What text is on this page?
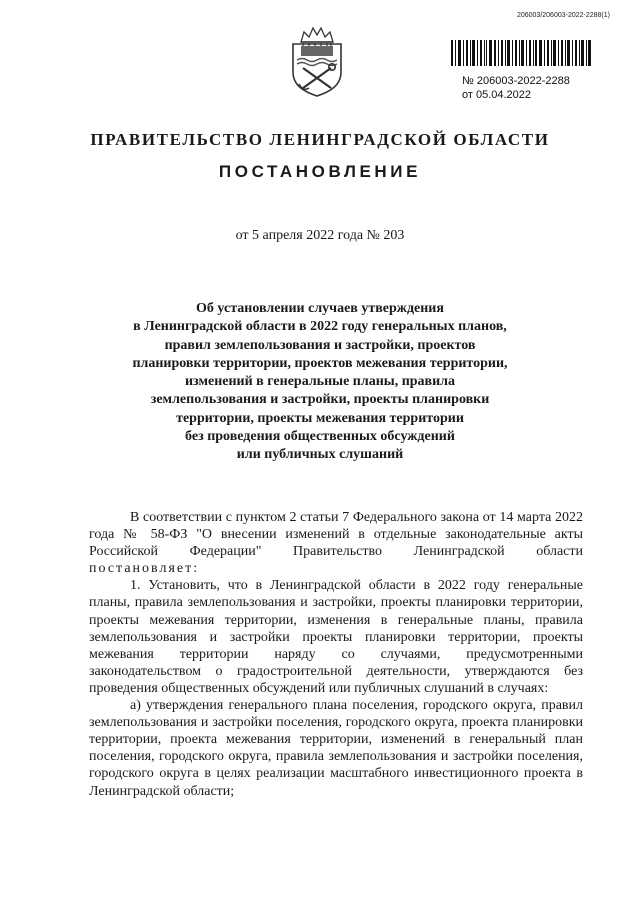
206003/206003-2022-2288(1)
№ 206003-2022-2288
от 05.04.2022
ПРАВИТЕЛЬСТВО ЛЕНИНГРАДСКОЙ ОБЛАСТИ
ПОСТАНОВЛЕНИЕ
от 5 апреля 2022 года № 203
Об установлении случаев утверждения
в Ленинградской области в 2022 году генеральных планов,
правил землепользования и застройки, проектов
планировки территории, проектов межевания территории,
изменений в генеральные планы, правила
землепользования и застройки, проекты планировки
территории, проекты межевания территории
без проведения общественных обсуждений
или публичных слушаний

В соответствии с пунктом 2 статьи 7 Федерального закона от 14 марта 2022 года № 58-ФЗ "О внесении изменений в отдельные законодательные акты Российской Федерации" Правительство Ленинградской области постановляет:

1. Установить, что в Ленинградской области в 2022 году генеральные планы, правила землепользования и застройки, проекты планировки территории, проекты межевания территории, изменения в генеральные планы, правила землепользования и застройки проекты планировки территории, проекты межевания территории наряду со случаями, предусмотренными законодательством о градостроительной деятельности, утверждаются без проведения общественных обсуждений или публичных слушаний в случаях:

а) утверждения генерального плана поселения, городского округа, правил землепользования и застройки поселения, городского округа, проекта планировки территории, проекта межевания территории, изменений в генеральный план поселения, городского округа, правила землепользования и застройки поселения, городского округа в целях реализации масштабного инвестиционного проекта в Ленинградской области;
